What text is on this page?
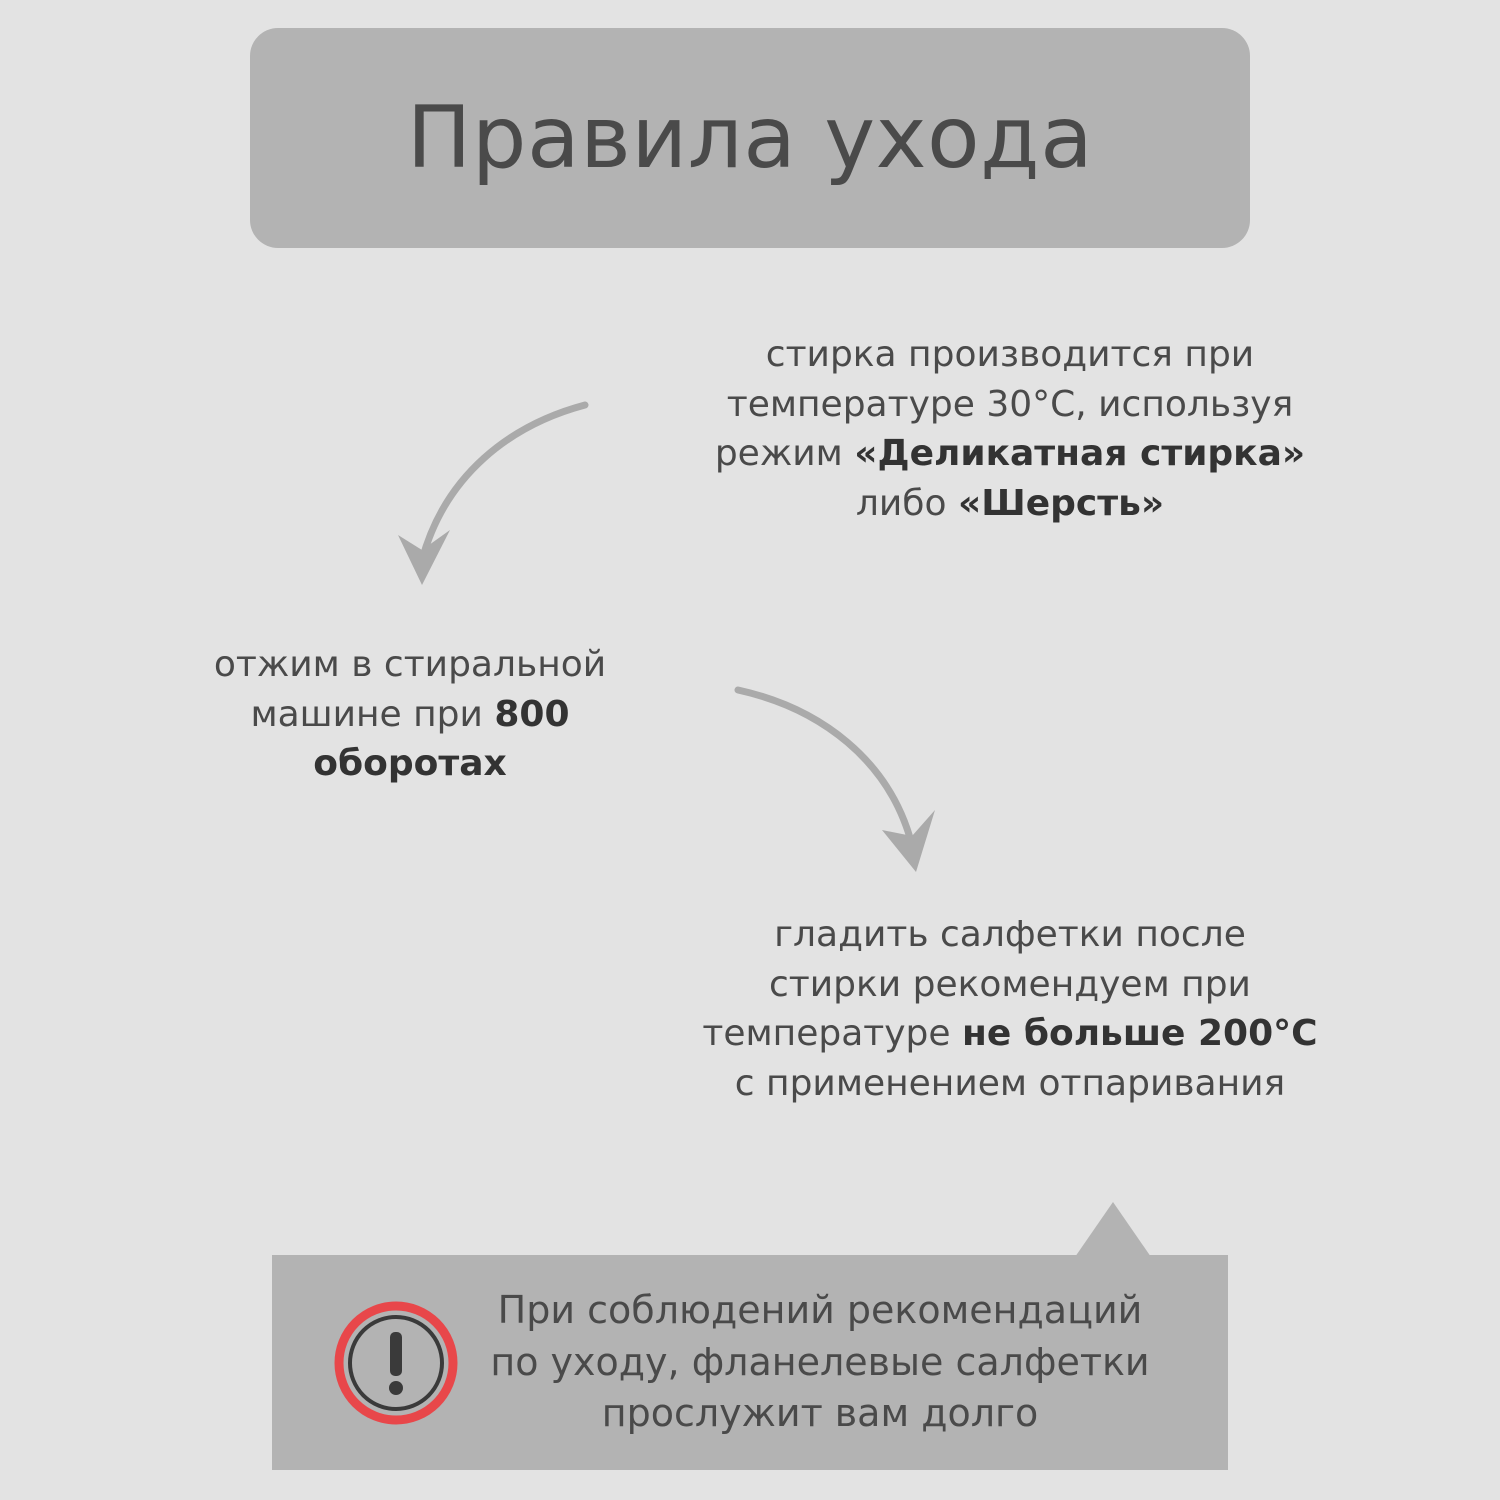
Правила ухода
стирка производится при
температуре 30°C, используя
режим «Деликатная стирка»
либо «Шерсть»
отжим в стиральной
машине при 800
оборотах
гладить салфетки после
стирки рекомендуем при
температуре не больше 200°C
с применением отпаривания
При соблюдений рекомендаций
по уходу, фланелевые салфетки
прослужит вам долго
